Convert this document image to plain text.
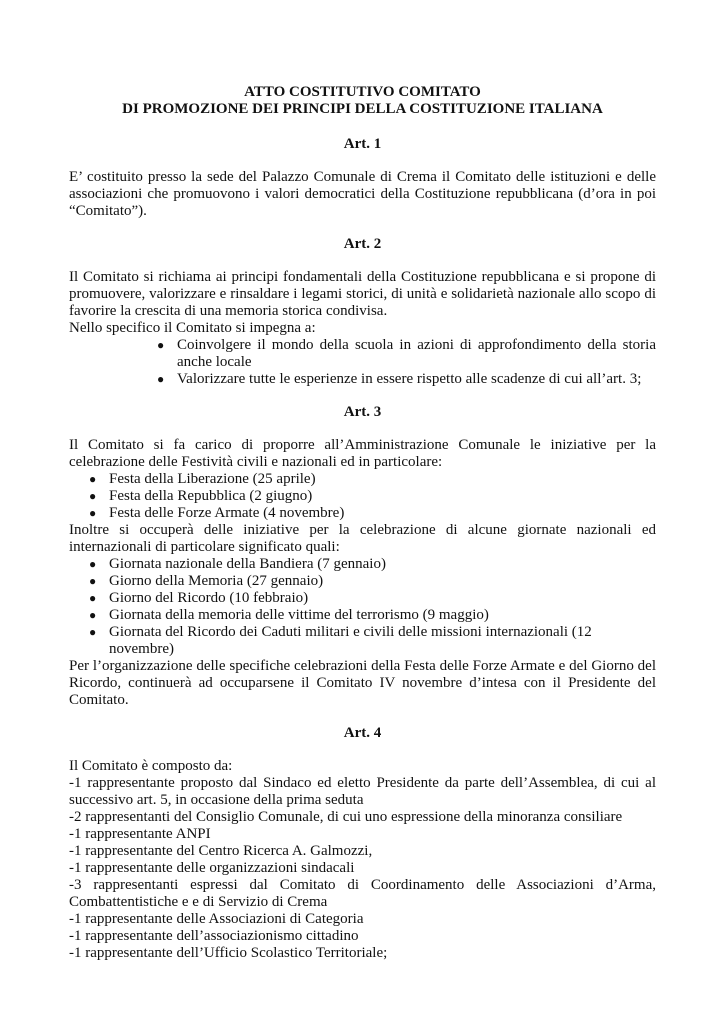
ATTO COSTITUTIVO COMITATO

DI PROMOZIONE DEI PRINCIPI DELLA COSTITUZIONE ITALIANA

Art. 1

E’ costituito presso la sede del Palazzo Comunale di Crema il Comitato delle istituzioni e delle associazioni che promuovono i valori democratici della Costituzione repubblicana (d’ora in poi “Comitato”).

Art. 2

Il Comitato si richiama ai principi fondamentali della Costituzione repubblicana e si propone di promuovere, valorizzare e rinsaldare i legami storici, di unità e solidarietà nazionale allo scopo di favorire la crescita di una memoria storica condivisa.

Nello specifico il Comitato si impegna a:

● Coinvolgere il mondo della scuola in azioni di approfondimento della storia anche locale
● Valorizzare tutte le esperienze in essere rispetto alle scadenze di cui all’art. 3;

Art. 3

Il Comitato si fa carico di proporre all’Amministrazione Comunale le iniziative per la celebrazione delle Festività civili e nazionali ed in particolare:

● Festa della Liberazione (25 aprile)
● Festa della Repubblica (2 giugno)
● Festa delle Forze Armate (4 novembre)

Inoltre si occuperà delle iniziative per la celebrazione di alcune giornate nazionali ed internazionali di particolare significato quali:

● Giornata nazionale della Bandiera (7 gennaio)
● Giorno della Memoria (27 gennaio)
● Giorno del Ricordo (10 febbraio)
● Giornata della memoria delle vittime del terrorismo (9 maggio)
● Giornata del Ricordo dei Caduti militari e civili delle missioni internazionali (12 novembre)

Per l’organizzazione delle specifiche celebrazioni della Festa delle Forze Armate e del Giorno del Ricordo, continuerà ad occuparsene il Comitato IV novembre d’intesa con il Presidente del Comitato.

Art. 4

Il Comitato è composto da:
-1 rappresentante proposto dal Sindaco ed eletto Presidente da parte dell’Assemblea, di cui al successivo art. 5, in occasione della prima seduta
-2 rappresentanti del Consiglio Comunale, di cui uno espressione della minoranza consiliare
-1 rappresentante ANPI
-1 rappresentante del Centro Ricerca A. Galmozzi,
-1 rappresentante delle organizzazioni sindacali
-3 rappresentanti espressi dal Comitato di Coordinamento delle Associazioni d’Arma, Combattentistiche e e di Servizio di Crema
-1 rappresentante delle Associazioni di Categoria
-1 rappresentante dell’associazionismo cittadino
-1 rappresentante dell’Ufficio Scolastico Territoriale;
